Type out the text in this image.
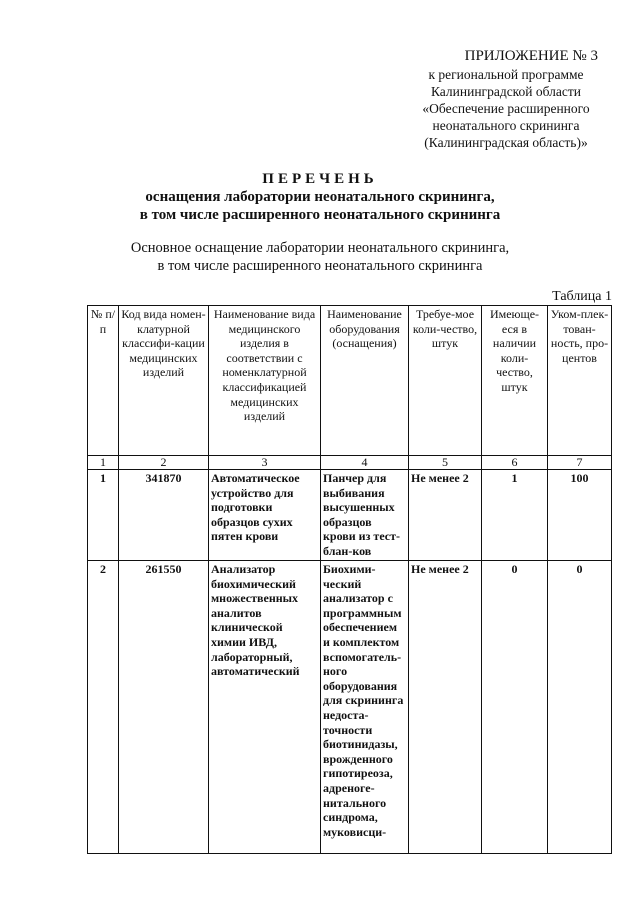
ПРИЛОЖЕНИЕ № 3
к региональной программе
Калининградской области
«Обеспечение расширенного
неонатального скрининга
(Калининградская область)»
ПЕРЕЧЕНЬ
оснащения лаборатории неонатального скрининга,
в том числе расширенного неонатального скрининга
Основное оснащение лаборатории неонатального скрининга,
в том числе расширенного неонатального скрининга
Таблица 1
№ п/п	Код вида номен-клатурной классифи-кации медицинских изделий	Наименование вида медицинского изделия в соответствии с номенклатурной классификацией медицинских изделий	Наименование оборудования (оснащения)	Требуе-мое коли-чество, штук	Имеюще-еся в наличии коли-чество, штук	Уком-плек-тован-ность, про-центов
1	2	3	4	5	6	7
1	341870	Автоматическое устройство для подготовки образцов сухих пятен крови	Панчер для выбивания высушенных образцов крови из тест-блан-ков	Не менее 2	1	100
2	261550	Анализатор биохимический множественных аналитов клинической химии ИВД, лабораторный, автоматический	Биохими-ческий анализатор с программным обеспечением и комплектом вспомогатель-ного оборудования для скрининга недоста-точности биотинидазы, врожденного гипотиреоза, адреноге-нитального синдрома, муковисци-	Не менее 2	0	0
